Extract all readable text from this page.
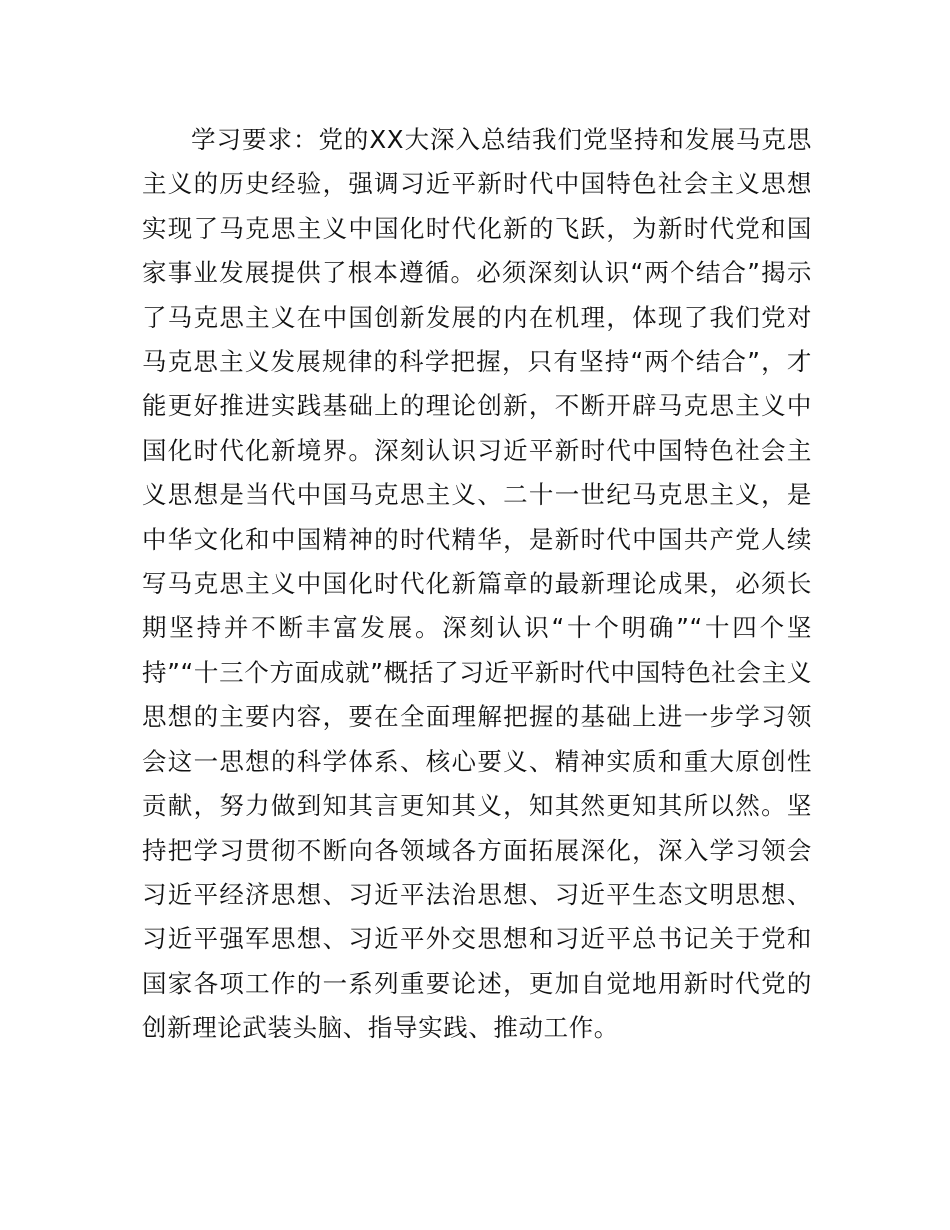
学习要求：党的XX大深入总结我们党坚持和发展马克思主义的历史经验，强调习近平新时代中国特色社会主义思想实现了马克思主义中国化时代化新的飞跃，为新时代党和国家事业发展提供了根本遵循。必须深刻认识“两个结合”揭示了马克思主义在中国创新发展的内在机理，体现了我们党对马克思主义发展规律的科学把握，只有坚持“两个结合”，才能更好推进实践基础上的理论创新，不断开辟马克思主义中国化时代化新境界。深刻认识习近平新时代中国特色社会主义思想是当代中国马克思主义、二十一世纪马克思主义，是中华文化和中国精神的时代精华，是新时代中国共产党人续写马克思主义中国化时代化新篇章的最新理论成果，必须长期坚持并不断丰富发展。深刻认识“十个明确”“十四个坚持”“十三个方面成就”概括了习近平新时代中国特色社会主义思想的主要内容，要在全面理解把握的基础上进一步学习领会这一思想的科学体系、核心要义、精神实质和重大原创性贡献，努力做到知其言更知其义，知其然更知其所以然。坚持把学习贯彻不断向各领域各方面拓展深化，深入学习领会习近平经济思想、习近平法治思想、习近平生态文明思想、习近平强军思想、习近平外交思想和习近平总书记关于党和国家各项工作的一系列重要论述，更加自觉地用新时代党的创新理论武装头脑、指导实践、推动工作。
